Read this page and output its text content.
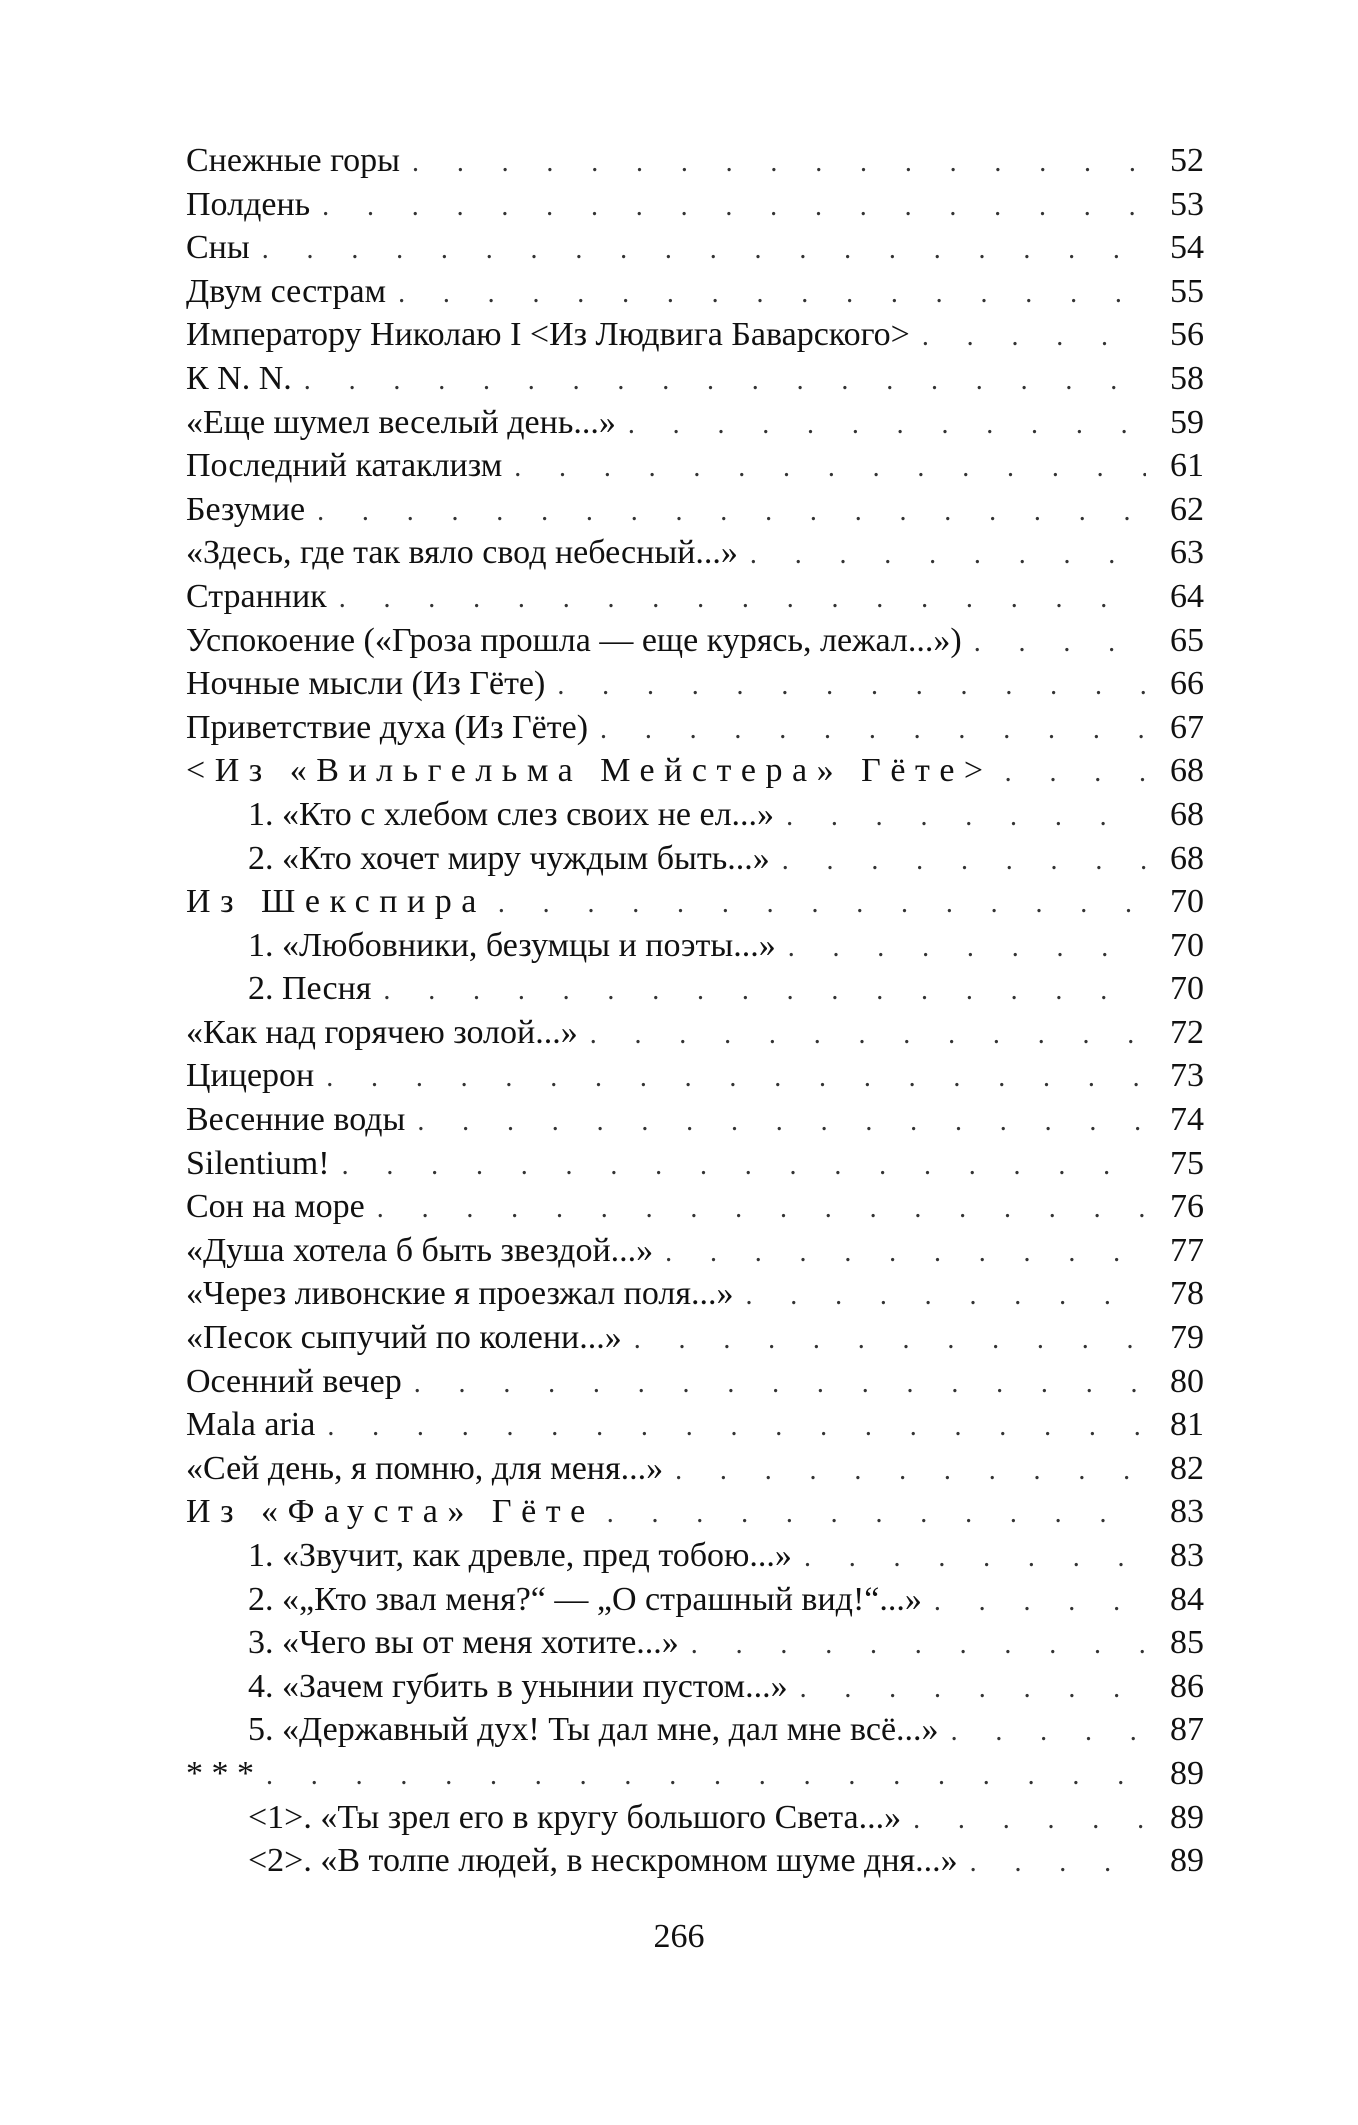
Снежные горы . . .	52
Полдень . . .	53
Сны . . .	54
Двум сестрам . . .	55
Императору Николаю I <Из Людвига Баварского> . . .	56
К N. N. . . .	58
«Еще шумел веселый день...» . . .	59
Последний катаклизм . . .	61
Безумие . . .	62
«Здесь, где так вяло свод небесный...» . . .	63
Странник . . .	64
Успокоение («Гроза прошла — еще курясь, лежал...») . . .	65
Ночные мысли (Из Гёте) . . .	66
Приветствие духа (Из Гёте) . . .	67
<Из «Вильгельма Мейстера» Гёте> . . .	68
1. «Кто с хлебом слез своих не ел...» . . .	68
2. «Кто хочет миру чуждым быть...» . . .	68
Из Шекспира . . .	70
1. «Любовники, безумцы и поэты...» . . .	70
2. Песня . . .	70
«Как над горячею золой...» . . .	72
Цицерон . . .	73
Весенние воды . . .	74
Silentium! . . .	75
Сон на море . . .	76
«Душа хотела б быть звездой...» . . .	77
«Через ливонские я проезжал поля...» . . .	78
«Песок сыпучий по колени...» . . .	79
Осенний вечер . . .	80
Mala aria . . .	81
«Сей день, я помню, для меня...» . . .	82
Из «Фауста» Гёте . . .	83
1. «Звучит, как древле, пред тобою...» . . .	83
2. «„Кто звал меня?“ — „О страшный вид!“...» . . .	84
3. «Чего вы от меня хотите...» . . .	85
4. «Зачем губить в унынии пустом...» . . .	86
5. «Державный дух! Ты дал мне, дал мне всё...» . . .	87
* * * . . .	89
<1>. «Ты зрел его в кругу большого Света...» . . .	89
<2>. «В толпе людей, в нескромном шуме дня...» . . .	89
266
